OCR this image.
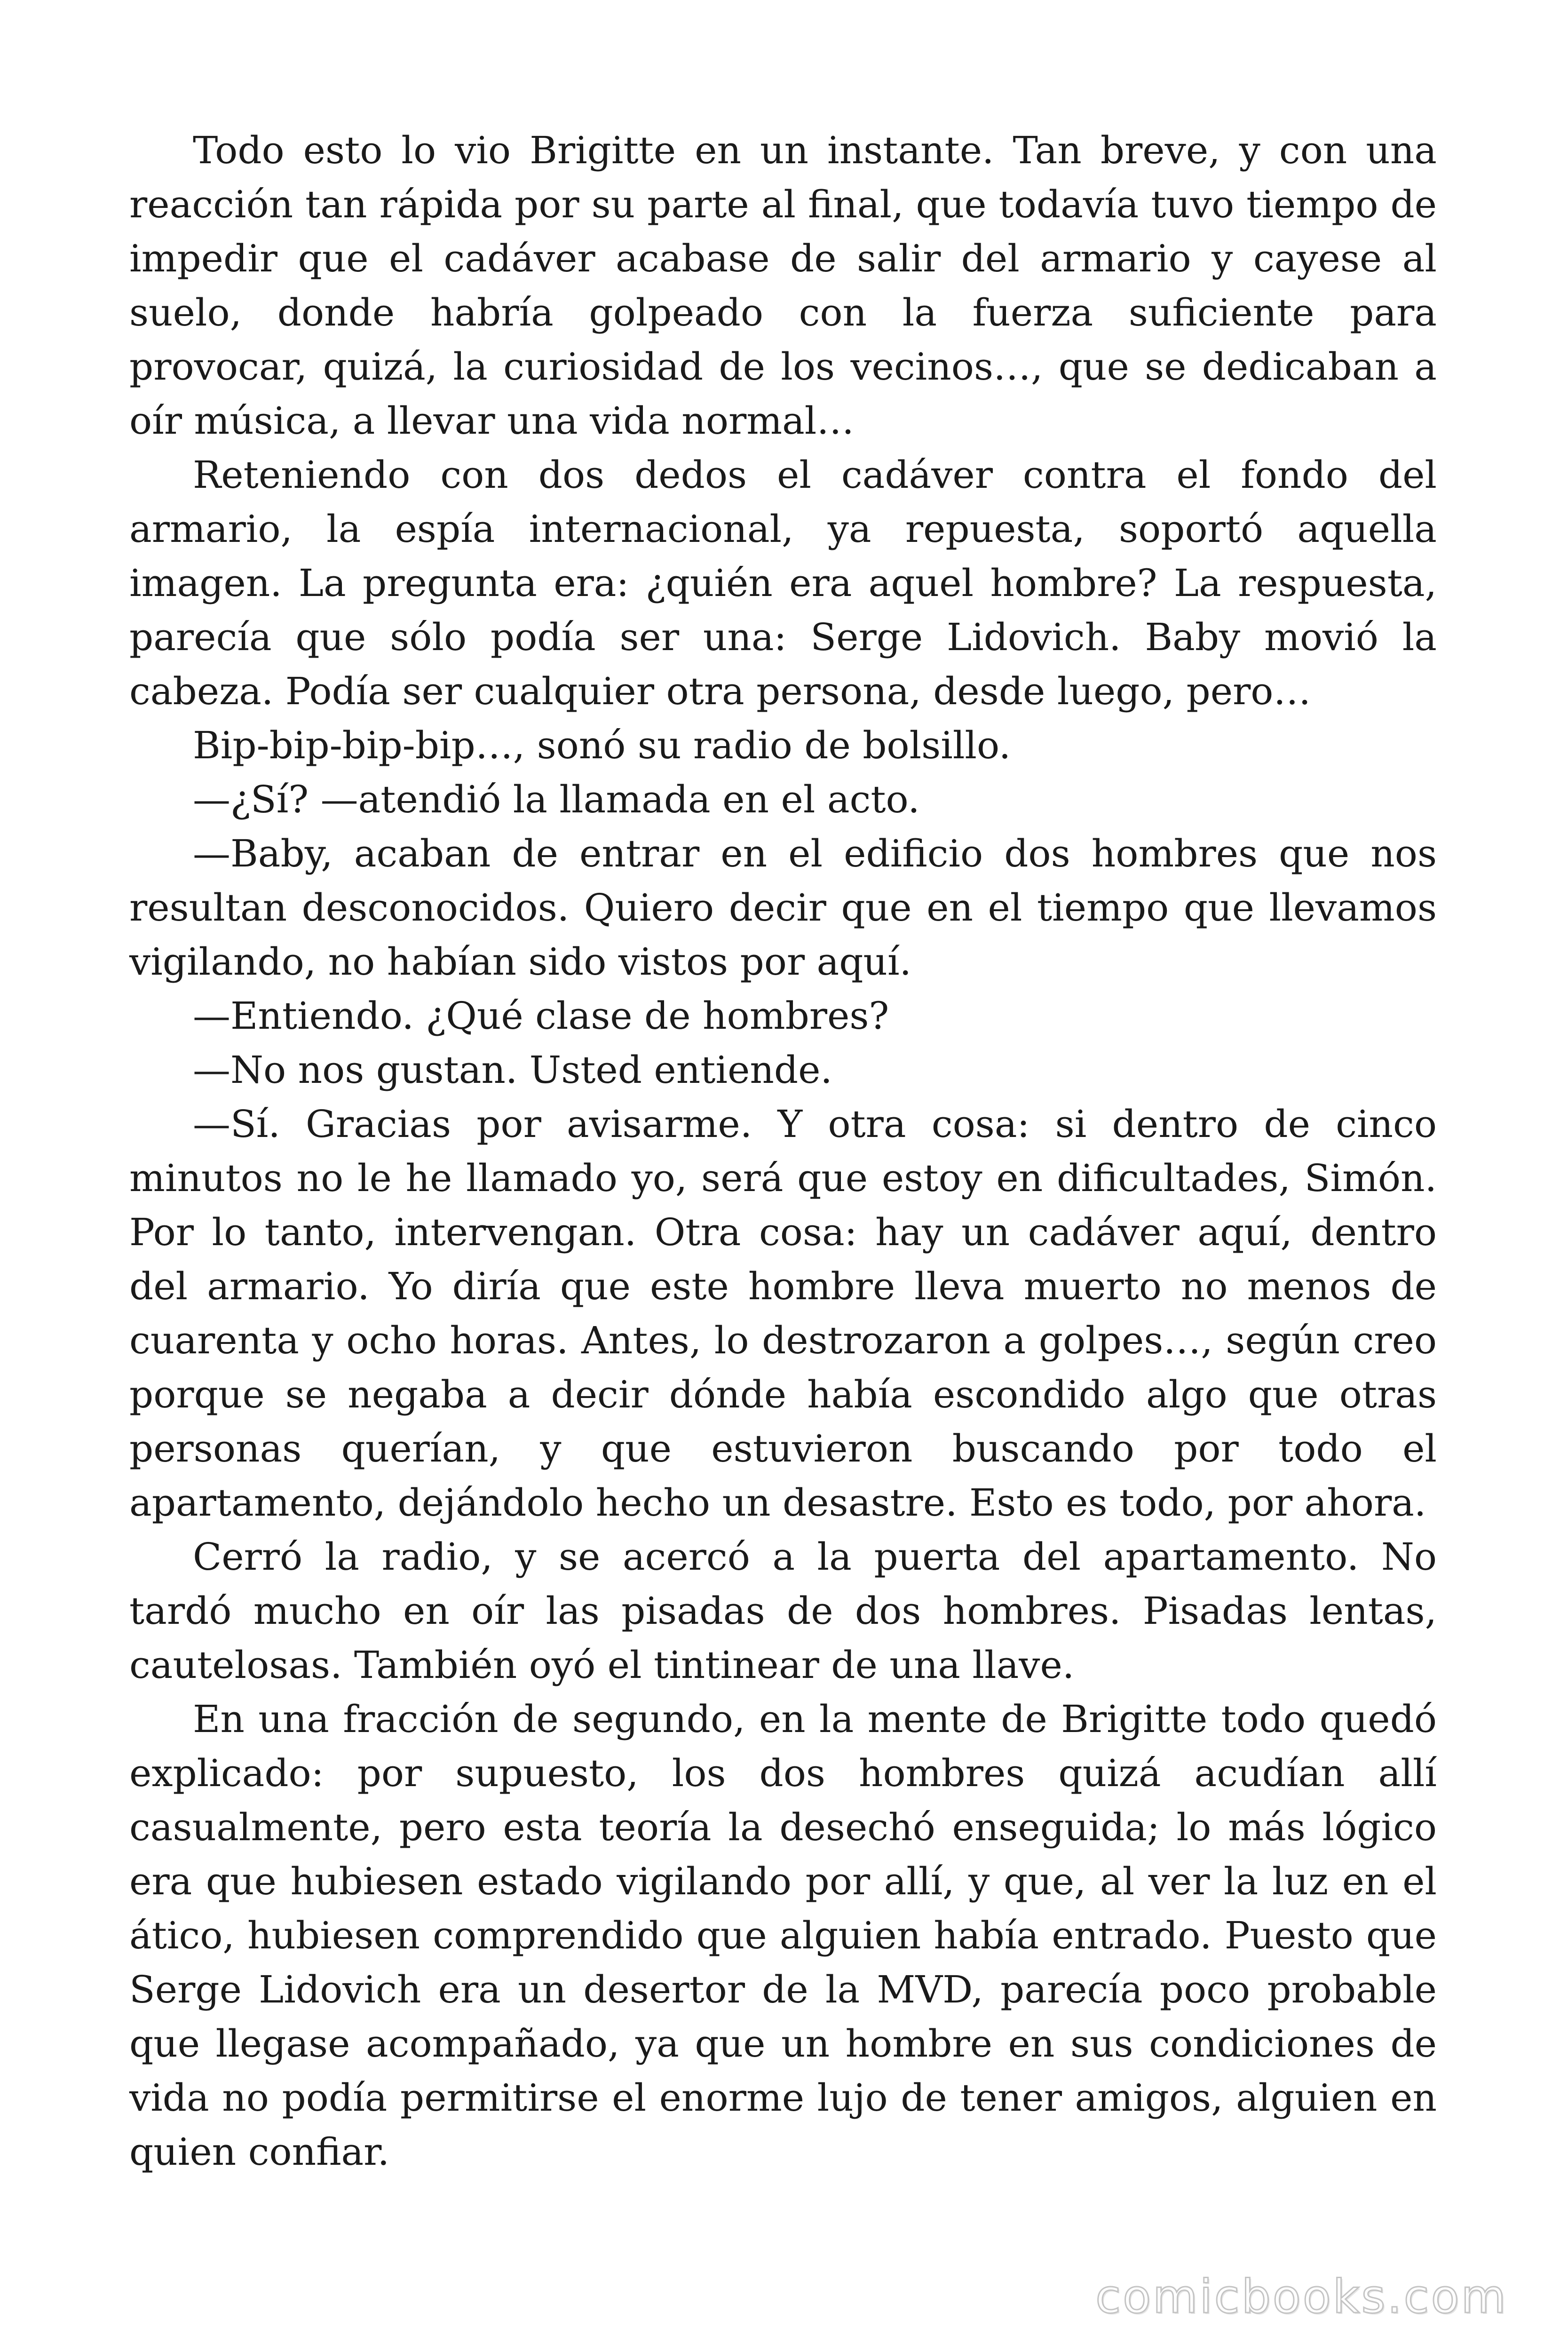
Todo esto lo vio Brigitte en un instante. Tan breve, y con una reacción tan rápida por su parte al final, que todavía tuvo tiempo de impedir que el cadáver acabase de salir del armario y cayese al suelo, donde habría golpeado con la fuerza suficiente para provocar, quizá, la curiosidad de los vecinos…, que se dedicaban a oír música, a llevar una vida normal…

Reteniendo con dos dedos el cadáver contra el fondo del armario, la espía internacional, ya repuesta, soportó aquella imagen. La pregunta era: ¿quién era aquel hombre? La respuesta, parecía que sólo podía ser una: Serge Lidovich. Baby movió la cabeza. Podía ser cualquier otra persona, desde luego, pero…

Bip-bip-bip-bip…, sonó su radio de bolsillo.

—¿Sí? —atendió la llamada en el acto.

—Baby, acaban de entrar en el edificio dos hombres que nos resultan desconocidos. Quiero decir que en el tiempo que llevamos vigilando, no habían sido vistos por aquí.

—Entiendo. ¿Qué clase de hombres?

—No nos gustan. Usted entiende.

—Sí. Gracias por avisarme. Y otra cosa: si dentro de cinco minutos no le he llamado yo, será que estoy en dificultades, Simón. Por lo tanto, intervengan. Otra cosa: hay un cadáver aquí, dentro del armario. Yo diría que este hombre lleva muerto no menos de cuarenta y ocho horas. Antes, lo destrozaron a golpes…, según creo porque se negaba a decir dónde había escondido algo que otras personas querían, y que estuvieron buscando por todo el apartamento, dejándolo hecho un desastre. Esto es todo, por ahora.

Cerró la radio, y se acercó a la puerta del apartamento. No tardó mucho en oír las pisadas de dos hombres. Pisadas lentas, cautelosas. También oyó el tintinear de una llave.

En una fracción de segundo, en la mente de Brigitte todo quedó explicado: por supuesto, los dos hombres quizá acudían allí casualmente, pero esta teoría la desechó enseguida; lo más lógico era que hubiesen estado vigilando por allí, y que, al ver la luz en el ático, hubiesen comprendido que alguien había entrado. Puesto que Serge Lidovich era un desertor de la MVD, parecía poco probable que llegase acompañado, ya que un hombre en sus condiciones de vida no podía permitirse el enorme lujo de tener amigos, alguien en quien confiar.

comicbooks.com
